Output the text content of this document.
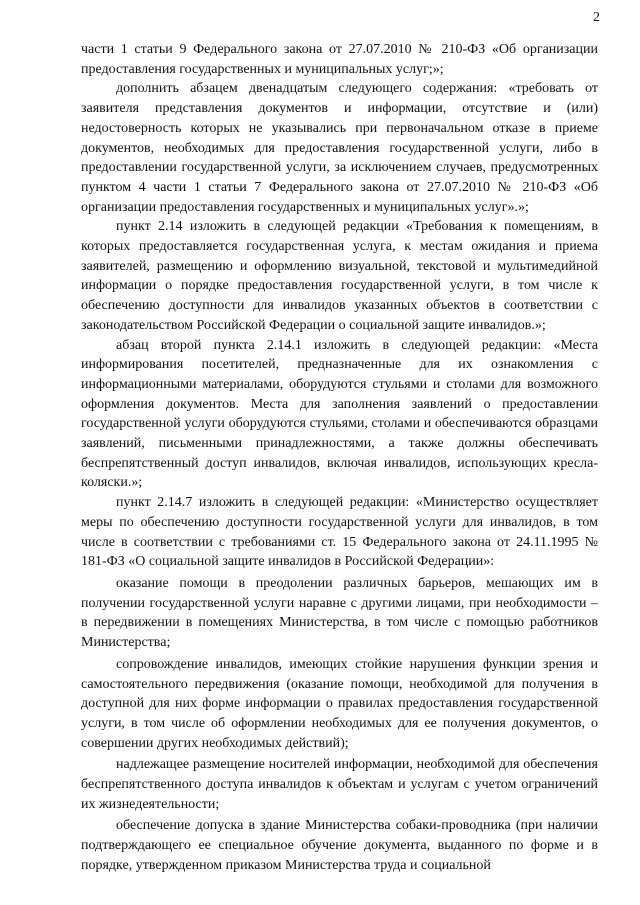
2

части 1 статьи 9 Федерального закона от 27.07.2010 № 210-ФЗ «Об организации предоставления государственных и муниципальных услуг;»;

дополнить абзацем двенадцатым следующего содержания: «требовать от заявителя представления документов и информации, отсутствие и (или) недостоверность которых не указывались при первоначальном отказе в приеме документов, необходимых для предоставления государственной услуги, либо в предоставлении государственной услуги, за исключением случаев, предусмотренных пунктом 4 части 1 статьи 7 Федерального закона от 27.07.2010 № 210-ФЗ «Об организации предоставления государственных и муниципальных услуг».»;

пункт 2.14 изложить в следующей редакции «Требования к помещениям, в которых предоставляется государственная услуга, к местам ожидания и приема заявителей, размещению и оформлению визуальной, текстовой и мультимедийной информации о порядке предоставления государственной услуги, в том числе к обеспечению доступности для инвалидов указанных объектов в соответствии с законодательством Российской Федерации о социальной защите инвалидов.»;

абзац второй пункта 2.14.1 изложить в следующей редакции: «Места информирования посетителей, предназначенные для их ознакомления с информационными материалами, оборудуются стульями и столами для возможного оформления документов. Места для заполнения заявлений о предоставлении государственной услуги оборудуются стульями, столами и обеспечиваются образцами заявлений, письменными принадлежностями, а также должны обеспечивать беспрепятственный доступ инвалидов, включая инвалидов, использующих кресла-коляски.»;

пункт 2.14.7 изложить в следующей редакции: «Министерство осуществляет меры по обеспечению доступности государственной услуги для инвалидов, в том числе в соответствии с требованиями ст. 15 Федерального закона от 24.11.1995 № 181-ФЗ «О социальной защите инвалидов в Российской Федерации»:

оказание помощи в преодолении различных барьеров, мешающих им в получении государственной услуги наравне с другими лицами, при необходимости – в передвижении в помещениях Министерства, в том числе с помощью работников Министерства;

сопровождение инвалидов, имеющих стойкие нарушения функции зрения и самостоятельного передвижения (оказание помощи, необходимой для получения в доступной для них форме информации о правилах предоставления государственной услуги, в том числе об оформлении необходимых для ее получения документов, о совершении других необходимых действий);

надлежащее размещение носителей информации, необходимой для обеспечения беспрепятственного доступа инвалидов к объектам и услугам с учетом ограничений их жизнедеятельности;

обеспечение допуска в здание Министерства собаки-проводника (при наличии подтверждающего ее специальное обучение документа, выданного по форме и в порядке, утвержденном приказом Министерства труда и социальной
